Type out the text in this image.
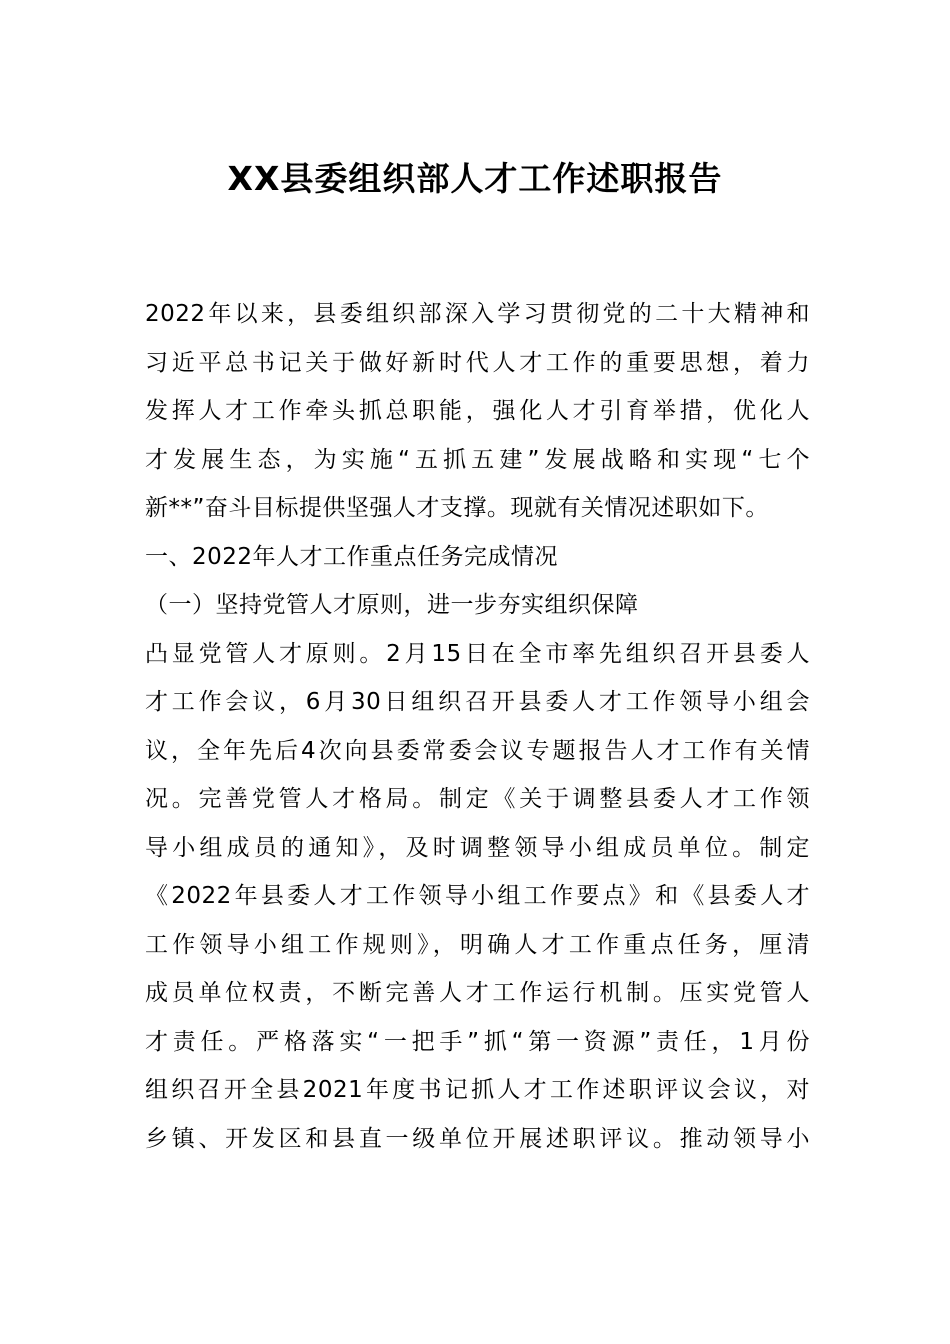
XX县委组织部人才工作述职报告
2022年以来，县委组织部深入学习贯彻党的二十大精神和
习近平总书记关于做好新时代人才工作的重要思想，着力
发挥人才工作牵头抓总职能，强化人才引育举措，优化人
才发展生态，为实施“五抓五建”发展战略和实现“七个
新**”奋斗目标提供坚强人才支撑。现就有关情况述职如下。
一、2022年人才工作重点任务完成情况
（一）坚持党管人才原则，进一步夯实组织保障
凸显党管人才原则。2月15日在全市率先组织召开县委人
才工作会议，6月30日组织召开县委人才工作领导小组会
议，全年先后4次向县委常委会议专题报告人才工作有关情
况。完善党管人才格局。制定《关于调整县委人才工作领
导小组成员的通知》，及时调整领导小组成员单位。制定
《2022年县委人才工作领导小组工作要点》和《县委人才
工作领导小组工作规则》，明确人才工作重点任务，厘清
成员单位权责，不断完善人才工作运行机制。压实党管人
才责任。严格落实“一把手”抓“第一资源”责任，1月份
组织召开全县2021年度书记抓人才工作述职评议会议，对
乡镇、开发区和县直一级单位开展述职评议。推动领导小
